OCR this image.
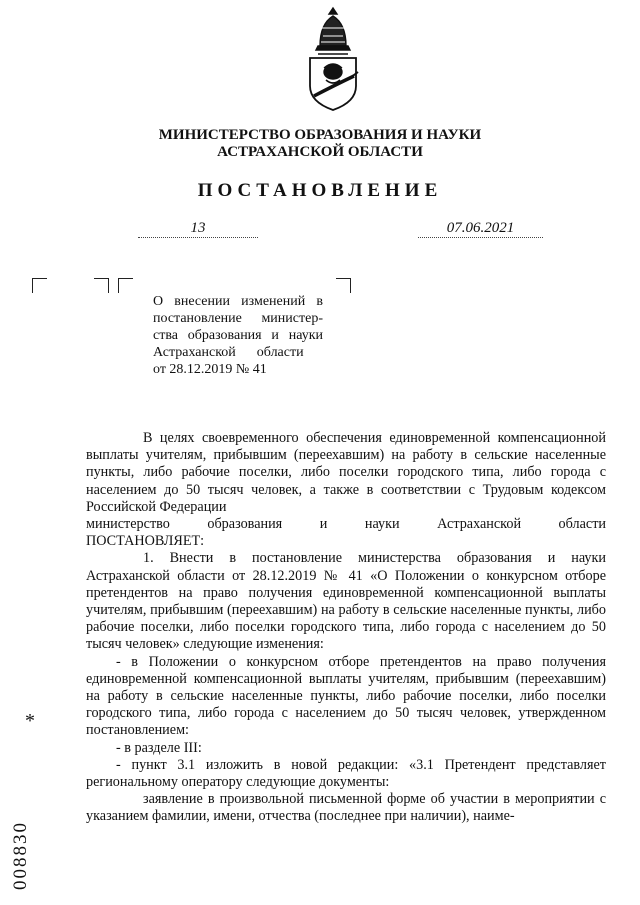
МИНИСТЕРСТВО ОБРАЗОВАНИЯ И НАУКИ
АСТРАХАНСКОЙ ОБЛАСТИ
ПОСТАНОВЛЕНИЕ
13	07.06.2021
О внесении изменений в
постановление министер-
ства образования и науки
Астраханской      области
от 28.12.2019 № 41

В целях своевременного обеспечения единовременной компенсационной выплаты учителям, прибывшим (переехавшим) на работу в сельские населенные пункты, либо рабочие поселки, либо поселки городского типа, либо города с населением до 50 тысяч человек, а также в соответствии с Трудовым кодексом Российской Федерации

министерство образования и науки Астраханской области

ПОСТАНОВЛЯЕТ:

1. Внести в постановление министерства образования и науки Астраханской области от 28.12.2019 № 41 «О Положении о конкурсном отборе претендентов на право получения единовременной компенсационной выплаты учителям, прибывшим (переехавшим) на работу в сельские населенные пункты, либо рабочие поселки, либо поселки городского типа, либо города с населением до 50 тысяч человек» следующие изменения:

- в Положении о конкурсном отборе претендентов на право получения единовременной компенсационной выплаты учителям, прибывшим (переехавшим) на работу в сельские населенные пункты, либо рабочие поселки, либо поселки городского типа, либо города с населением до 50 тысяч человек, утвержденном постановлением:

- в разделе III:

- пункт 3.1 изложить в новой редакции: «3.1 Претендент представляет региональному оператору следующие документы:

заявление в произвольной письменной форме об участии в мероприятии с указанием фамилии, имени, отчества (последнее при наличии), наиме-

*
008830
